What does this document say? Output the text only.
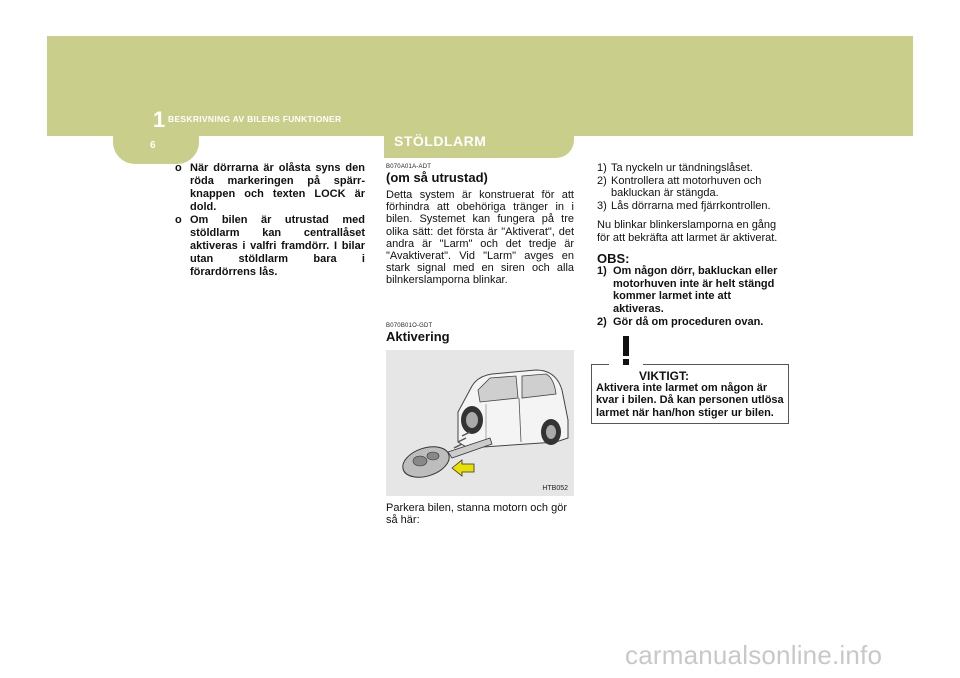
1 BESKRIVNING AV BILENS FUNKTIONER
6	STÖLDLARM
o När dörrarna är olåsta syns den röda markeringen på spärr-knappen och texten LOCK är dold.
o Om bilen är utrustad med stöldlarm kan centrallåset aktiveras i valfri framdörr. I bilar utan stöldlarm bara i förardörrens lås.
B070A01A-ADT
(om så utrustad)
Detta system är konstruerat för att förhindra att obehöriga tränger in i bilen. Systemet kan fungera på tre olika sätt: det första är "Aktiverat", det andra är "Larm" och det tredje är "Avaktiverat". Vid "Larm" avges en stark signal med en siren och alla bilnkerslamporna blinkar.
B070B01O-GDT
Aktivering
HTB052
Parkera bilen, stanna motorn och gör så här:
1) Ta nyckeln ur tändningslåset.
2) Kontrollera att motorhuven och bakluckan är stängda.
3) Lås dörrarna med fjärrkontrollen.
Nu blinkar blinkerslamporna en gång för att bekräfta att larmet är aktiverat.
OBS:
1) Om någon dörr, bakluckan eller motorhuven inte är helt stängd kommer larmet inte att aktiveras.
2) Gör då om proceduren ovan.
VIKTIGT:
Aktivera inte larmet om någon är kvar i bilen. Då kan personen utlösa larmet när han/hon stiger ur bilen.
carmanualsonline.info
